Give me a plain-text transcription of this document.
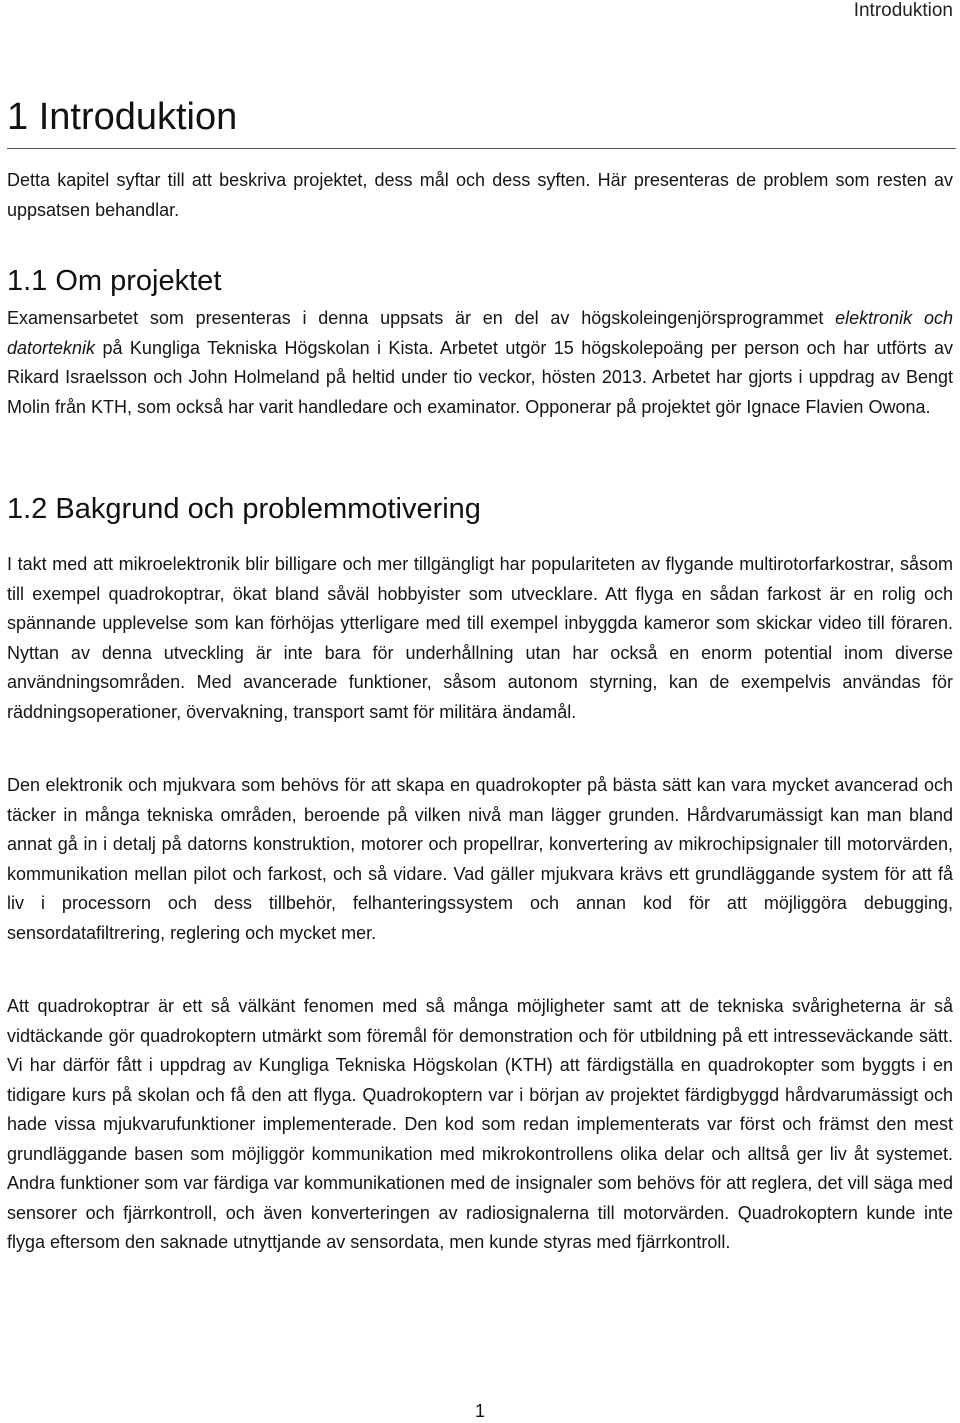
Introduktion
1 Introduktion

Detta kapitel syftar till att beskriva projektet, dess mål och dess syften. Här presenteras de problem som resten av uppsatsen behandlar.

1.1 Om projektet

Examensarbetet som presenteras i denna uppsats är en del av högskoleingenjörsprogrammet elektronik och datorteknik på Kungliga Tekniska Högskolan i Kista. Arbetet utgör 15 högskolepoäng per person och har utförts av Rikard Israelsson och John Holmeland på heltid under tio veckor, hösten 2013. Arbetet har gjorts i uppdrag av Bengt Molin från KTH, som också har varit handledare och examinator. Opponerar på projektet gör Ignace Flavien Owona.

1.2 Bakgrund och problemmotivering

I takt med att mikroelektronik blir billigare och mer tillgängligt har populariteten av flygande multirotorfarkostrar, såsom till exempel quadrokoptrar, ökat bland såväl hobbyister som utvecklare. Att flyga en sådan farkost är en rolig och spännande upplevelse som kan förhöjas ytterligare med till exempel inbyggda kameror som skickar video till föraren. Nyttan av denna utveckling är inte bara för underhållning utan har också en enorm potential inom diverse användningsområden. Med avancerade funktioner, såsom autonom styrning, kan de exempelvis användas för räddningsoperationer, övervakning, transport samt för militära ändamål.

Den elektronik och mjukvara som behövs för att skapa en quadrokopter på bästa sätt kan vara mycket avancerad och täcker in många tekniska områden, beroende på vilken nivå man lägger grunden. Hårdvarumässigt kan man bland annat gå in i detalj på datorns konstruktion, motorer och propellrar, konvertering av mikrochipsignaler till motorvärden, kommunikation mellan pilot och farkost, och så vidare. Vad gäller mjukvara krävs ett grundläggande system för att få liv i processorn och dess tillbehör, felhanteringssystem och annan kod för att möjliggöra debugging, sensordatafiltrering, reglering och mycket mer.

Att quadrokoptrar är ett så välkänt fenomen med så många möjligheter samt att de tekniska svårigheterna är så vidtäckande gör quadrokoptern utmärkt som föremål för demonstration och för utbildning på ett intresseväckande sätt. Vi har därför fått i uppdrag av Kungliga Tekniska Högskolan (KTH) att färdigställa en quadrokopter som byggts i en tidigare kurs på skolan och få den att flyga. Quadrokoptern var i början av projektet färdigbyggd hårdvarumässigt och hade vissa mjukvarufunktioner implementerade. Den kod som redan implementerats var först och främst den mest grundläggande basen som möjliggör kommunikation med mikrokontrollens olika delar och alltså ger liv åt systemet. Andra funktioner som var färdiga var kommunikationen med de insignaler som behövs för att reglera, det vill säga med sensorer och fjärrkontroll, och även konverteringen av radiosignalerna till motorvärden. Quadrokoptern kunde inte flyga eftersom den saknade utnyttjande av sensordata, men kunde styras med fjärrkontroll.

1
